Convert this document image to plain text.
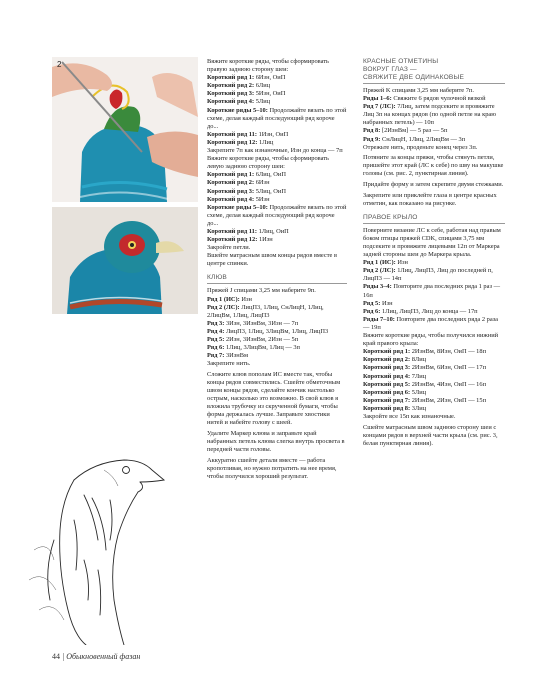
2	Вяжите короткие ряды, чтобы сформировать правую заднюю сторону шеи:

Короткий ряд 1: 6Изн, ОиП

Короткий ряд 2: 6Лиц

Короткий ряд 3: 5Изн, ОиП

Короткий ряд 4: 5Лиц

Короткие ряды 5–10: Продолжайте вязать по этой схеме, делая каждый последующий ряд короче до...

Короткий ряд 11: 1Изн, ОиП

Короткий ряд 12: 1Лиц

Закрепите 7п как изнаночные, Изн до конца — 7п

Вяжите короткие ряды, чтобы сформировать левую заднюю сторону шеи:

Короткий ряд 1: 6Лиц, ОиП

Короткий ряд 2: 6Изн

Короткий ряд 3: 5Лиц, ОиП

Короткий ряд 4: 5Изн

Короткие ряды 5–10: Продолжайте вязать по этой схеме, делая каждый последующий ряд короче до...

Короткий ряд 11: 1Лиц, ОиП

Короткий ряд 12: 1Изн

Закройте петли.

Вшейте матрасным швом концы рядов вместе в центре спинки.

КЛЮВ

Пряжей J спицами 3,25 мм наберите 9п.

Ряд 1 (ИС): Изн

Ряд 2 (ЛС): ЛицП3, 1Лиц, СнЛицН, 1Лиц, 2ЛицВм, 1Лиц, ЛицП3

Ряд 3: 3Изн, 3ИзнВм, 3Изн — 7п

Ряд 4: ЛицП3, 1Лиц, 3ЛицВм, 1Лиц, ЛицП3

Ряд 5: 2Изн, 3ИзнВм, 2Изн — 5п

Ряд 6: 1Лиц, 3ЛицВм, 1Лиц — 3п

Ряд 7: 3ИзнВм

Закрепите нить.

Сложите клюв пополам ИС вместе так, чтобы концы рядов совместились. Сшейте обметочным швом концы рядов, сделайте кончик настолько острым, насколько это возможно. В свой клюв я вложила трубочку из скрученной бумаги, чтобы форма держалась лучше. Заправьте хвостики нитей и набейте голову с шеей.

Удалите Маркер клюва и заправьте край набранных петель клюва слегка внутрь просвета в передней части головы.

Аккуратно сшейте детали вместе — работа кропотливая, но нужно потратить на нее время, чтобы получился хороший результат.

КРАСНЫЕ ОТМЕТИНЫ
ВОКРУГ ГЛАЗ —
СВЯЖИТЕ ДВЕ ОДИНАКОВЫЕ

Пряжей K спицами 3,25 мм наберите 7п.

Ряды 1–6: Свяжите 6 рядов чулочной вязкой

Ряд 7 (ЛС): 7Лиц, затем подсеките и провяжите Лиц 3п на концах рядов (по одной петле на краю набранных петель) — 10п

Ряд 8: [2ИзнВм] — 5 раз — 5п

Ряд 9: СнЛицН, 1Лиц, 2ЛицВм — 3п

Отрежьте нить, проденьте конец через 3п.

Потяните за концы пряжи, чтобы стянуть петли, пришейте этот край (ЛС к себе) по шву на макушке головы (см. рис. 2, пунктирная линия).

Придайте форму и затем скрепите двумя стежками.

Закрепите или приклейте глаза в центре красных отметин, как показано на рисунке.

ПРАВОЕ КРЫЛО

Поверните вязание ЛС к себе, работая над правым боком птицы пряжей CDK, спицами 3,75 мм подсеките и провяжите лицевыми 12п от Маркера задней стороны шеи до Маркера крыла.

Ряд 1 (ИС): Изн

Ряд 2 (ЛС): 1Лиц, ЛицП3, Лиц до последней п, ЛицП3 — 14п

Ряды 3–4: Повторите два последних ряда 1 раз — 16п

Ряд 5: Изн

Ряд 6: 1Лиц, ЛицП3, Лиц до конца — 17п

Ряды 7–10: Повторите два последних ряда 2 раза — 19п

Вяжите короткие ряды, чтобы получился нижний край правого крыла:

Короткий ряд 1: 2ИзнВм, 8Изн, ОиП — 18п

Короткий ряд 2: 8Лиц

Короткий ряд 3: 2ИзнВм, 6Изн, ОиП — 17п

Короткий ряд 4: 7Лиц

Короткий ряд 5: 2ИзнВм, 4Изн, ОиП — 16п

Короткий ряд 6: 5Лиц

Короткий ряд 7: 2ИзнВм, 2Изн, ОиП — 15п

Короткий ряд 8: 3Лиц

Закройте все 15п как изнаночные.

Сшейте матрасным швом заднюю сторону шеи с концами рядов в верхней части крыла (см. рис. 3, белая пунктирная линия).

44 | Обыкновенный фазан
